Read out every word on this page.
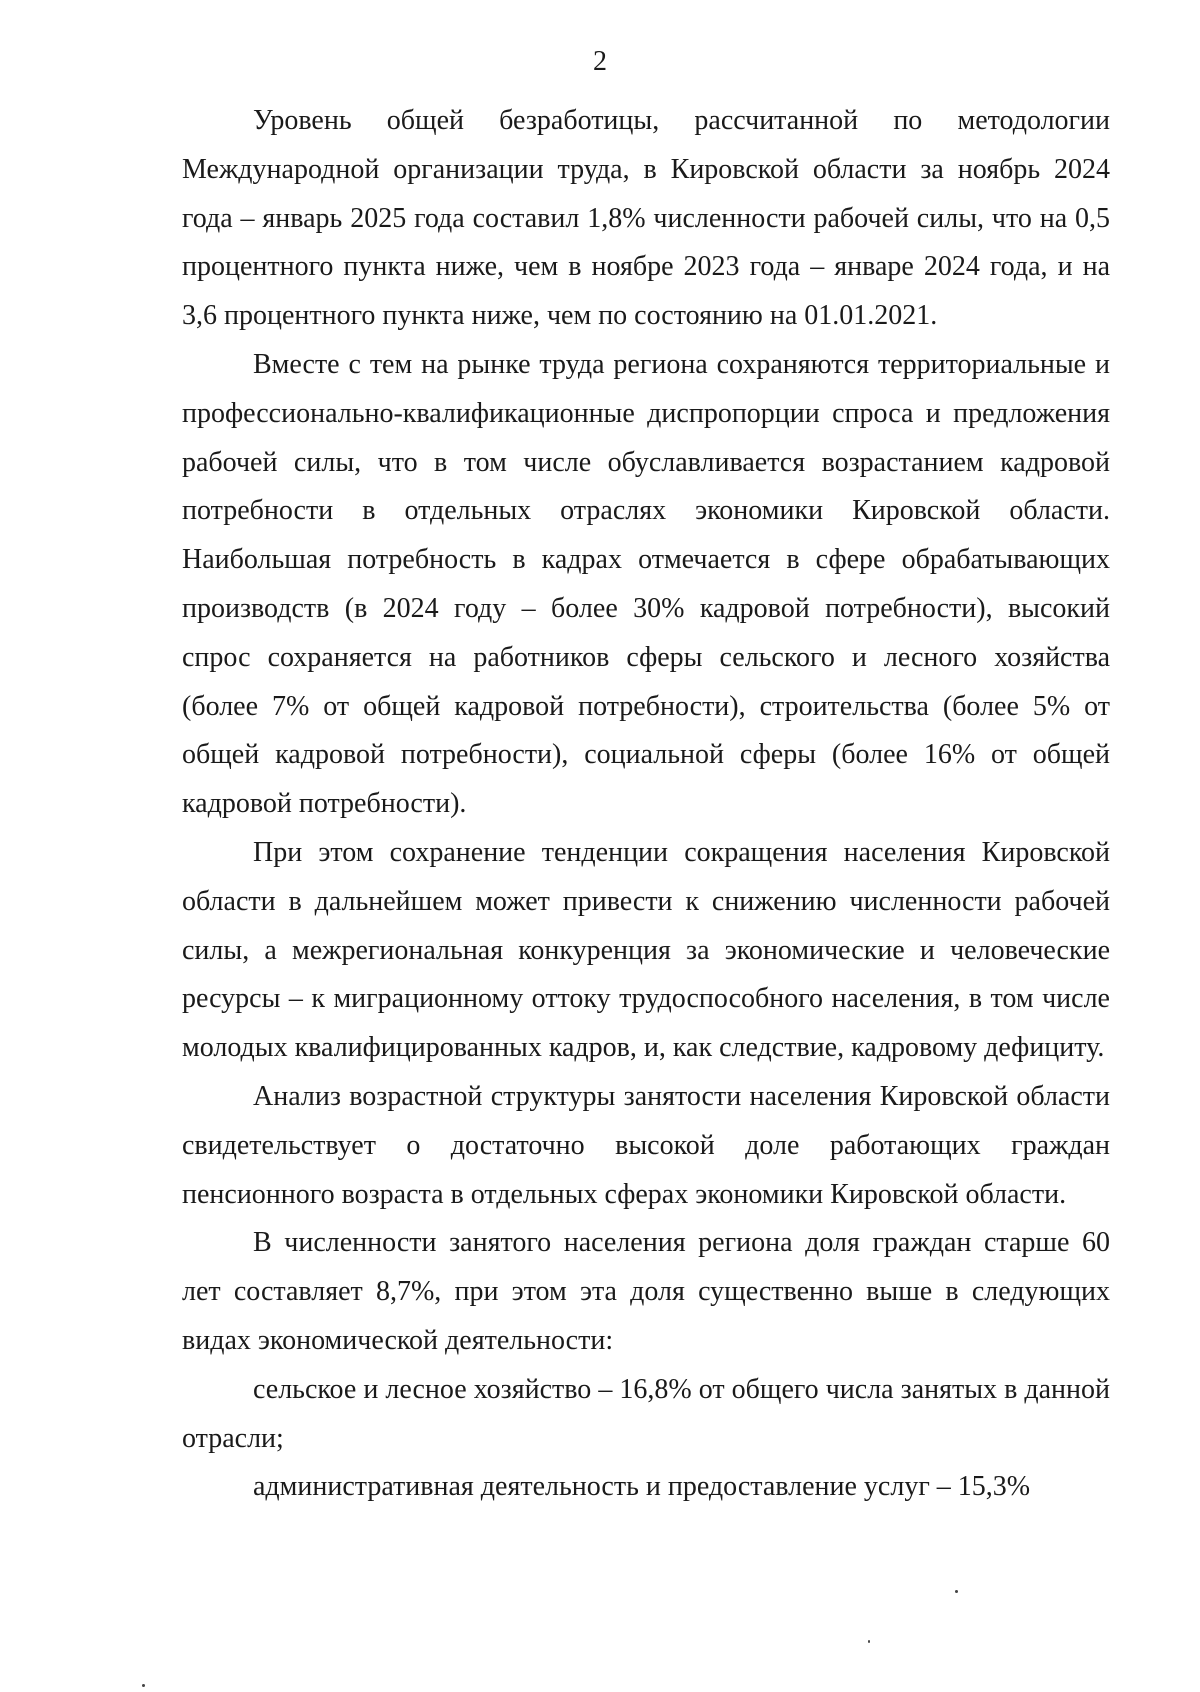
2

Уровень общей безработицы, рассчитанной по методологии Международной организации труда, в Кировской области за ноябрь 2024 года – январь 2025 года составил 1,8% численности рабочей силы, что на 0,5 процентного пункта ниже, чем в ноябре 2023 года – январе 2024 года, и на 3,6 процентного пункта ниже, чем по состоянию на 01.01.2021.

Вместе с тем на рынке труда региона сохраняются территориальные и профессионально-квалификационные диспропорции спроса и предложения рабочей силы, что в том числе обуславливается возрастанием кадровой потребности в отдельных отраслях экономики Кировской области. Наибольшая потребность в кадрах отмечается в сфере обрабатывающих производств (в 2024 году – более 30% кадровой потребности), высокий спрос сохраняется на работников сферы сельского и лесного хозяйства (более 7% от общей кадровой потребности), строительства (более 5% от общей кадровой потребности), социальной сферы (более 16% от общей кадровой потребности).

При этом сохранение тенденции сокращения населения Кировской области в дальнейшем может привести к снижению численности рабочей силы, а межрегиональная конкуренция за экономические и человеческие ресурсы – к миграционному оттоку трудоспособного населения, в том числе молодых квалифицированных кадров, и, как следствие, кадровому дефициту.

Анализ возрастной структуры занятости населения Кировской области свидетельствует о достаточно высокой доле работающих граждан пенсионного возраста в отдельных сферах экономики Кировской области.

В численности занятого населения региона доля граждан старше 60 лет составляет 8,7%, при этом эта доля существенно выше в следующих видах экономической деятельности:

сельское и лесное хозяйство – 16,8% от общего числа занятых в данной отрасли;

административная деятельность и предоставление услуг – 15,3%
